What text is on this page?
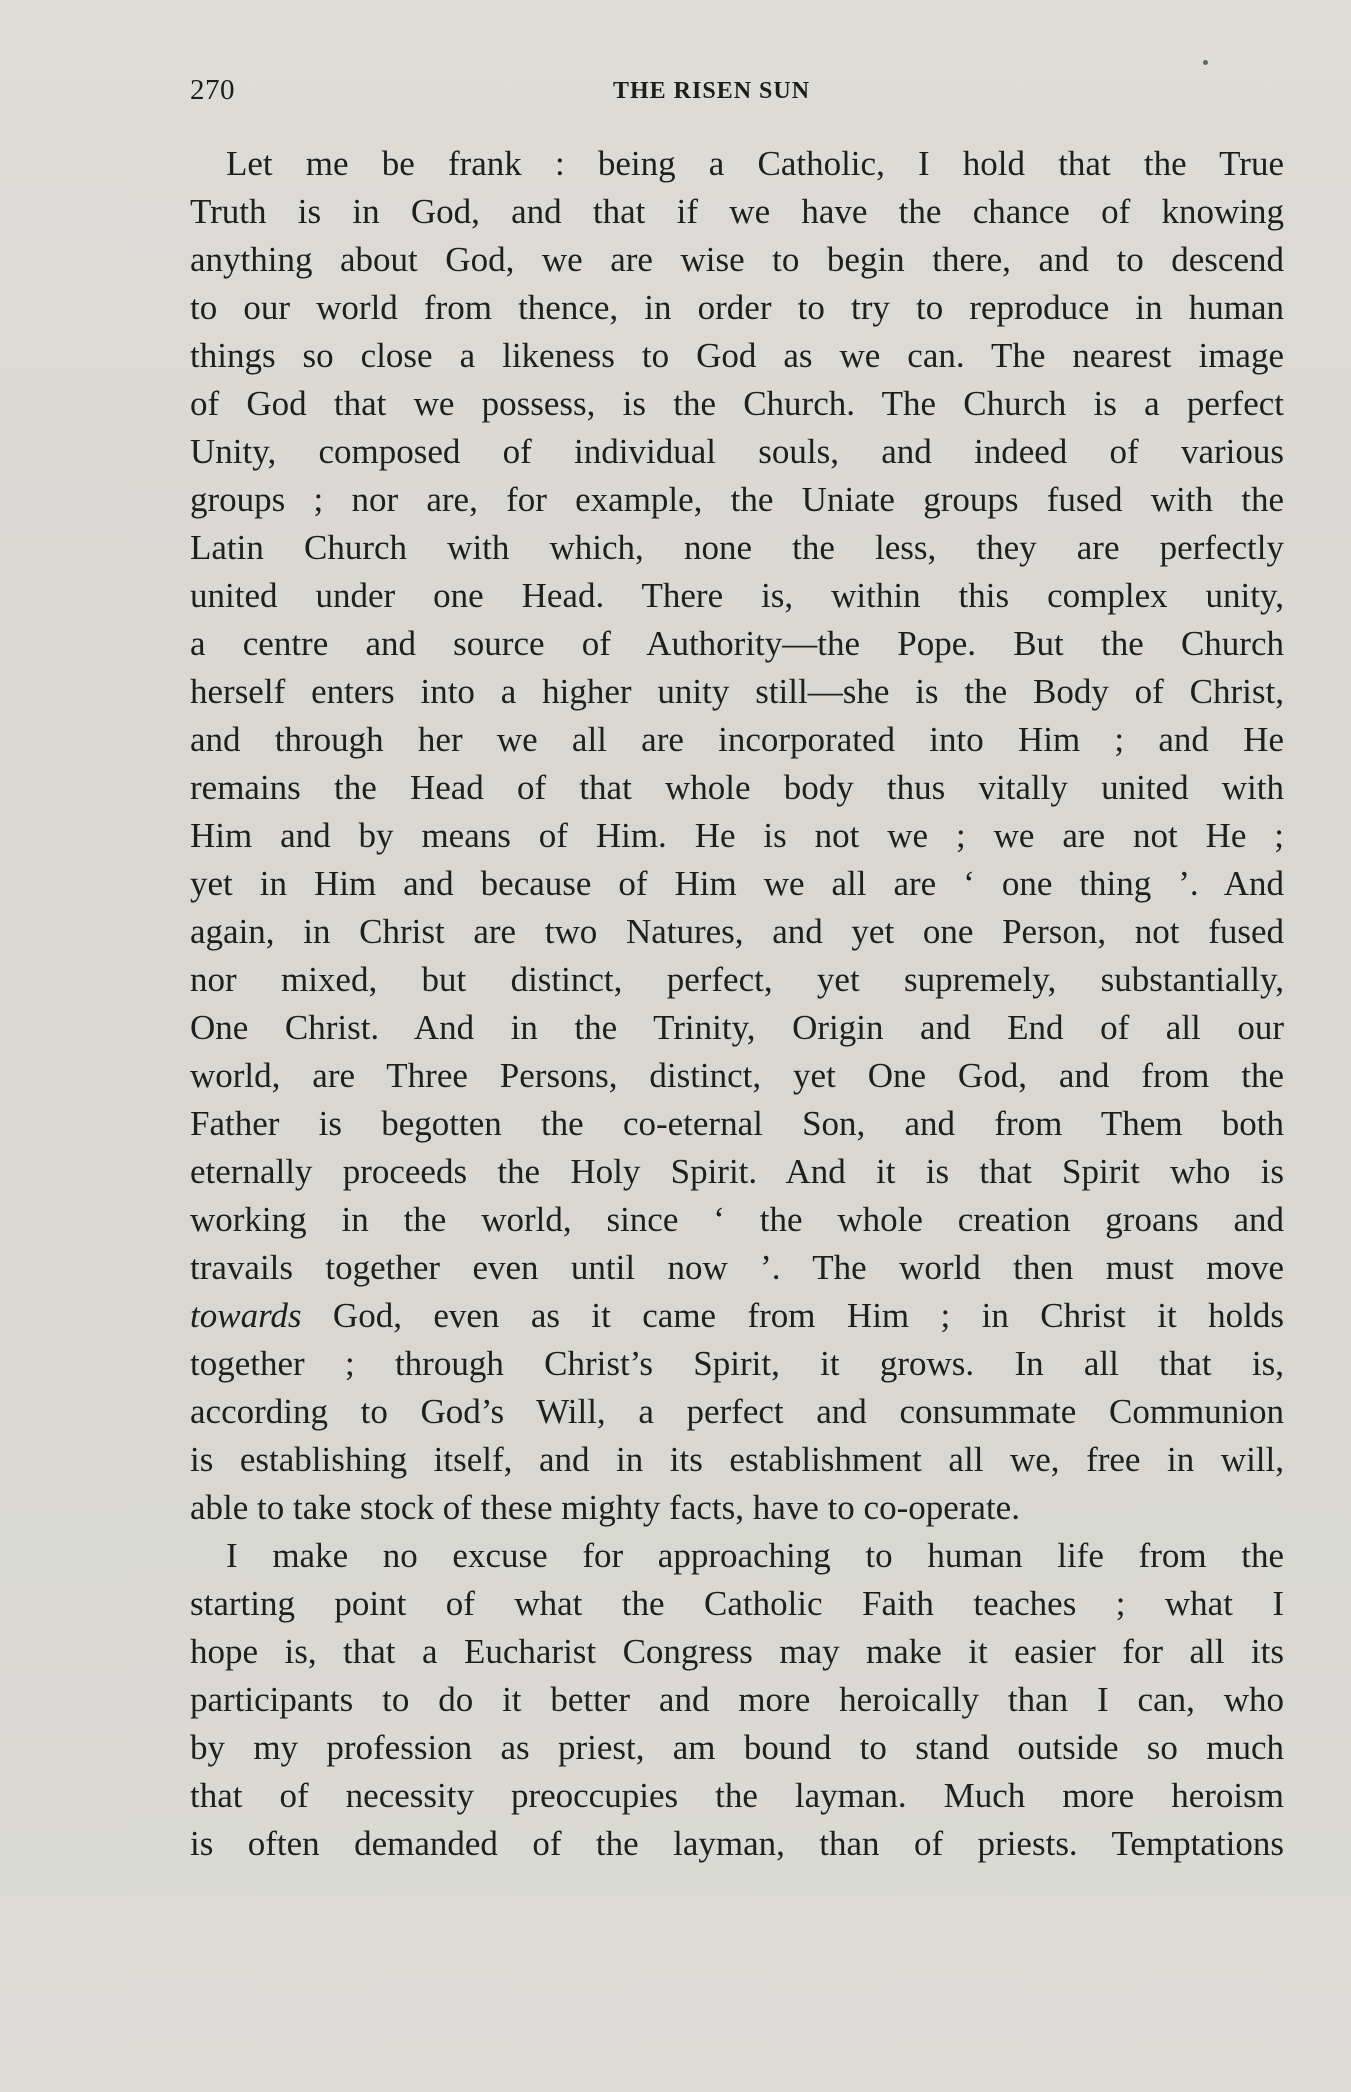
270	THE RISEN SUN

Let me be frank : being a Catholic, I hold that the True
Truth is in God, and that if we have the chance of knowing
anything about God, we are wise to begin there, and to descend
to our world from thence, in order to try to reproduce in human
things so close a likeness to God as we can. The nearest image
of God that we possess, is the Church. The Church is a perfect
Unity, composed of individual souls, and indeed of various
groups ; nor are, for example, the Uniate groups fused with the
Latin Church with which, none the less, they are perfectly
united under one Head. There is, within this complex unity,
a centre and source of Authority—the Pope. But the Church
herself enters into a higher unity still—she is the Body of Christ,
and through her we all are incorporated into Him ; and He
remains the Head of that whole body thus vitally united with
Him and by means of Him. He is not we ; we are not He ;
yet in Him and because of Him we all are ‘ one thing ’. And
again, in Christ are two Natures, and yet one Person, not fused
nor mixed, but distinct, perfect, yet supremely, substantially,
One Christ. And in the Trinity, Origin and End of all our
world, are Three Persons, distinct, yet One God, and from the
Father is begotten the co-eternal Son, and from Them both
eternally proceeds the Holy Spirit. And it is that Spirit who is
working in the world, since ‘ the whole creation groans and
travails together even until now ’. The world then must move
towards God, even as it came from Him ; in Christ it holds
together ; through Christ’s Spirit, it grows. In all that is,
according to God’s Will, a perfect and consummate Communion
is establishing itself, and in its establishment all we, free in will,
able to take stock of these mighty facts, have to co-operate.

I make no excuse for approaching to human life from the
starting point of what the Catholic Faith teaches ; what I
hope is, that a Eucharist Congress may make it easier for all its
participants to do it better and more heroically than I can, who
by my profession as priest, am bound to stand outside so much
that of necessity preoccupies the layman. Much more heroism
is often demanded of the layman, than of priests. Temptations
